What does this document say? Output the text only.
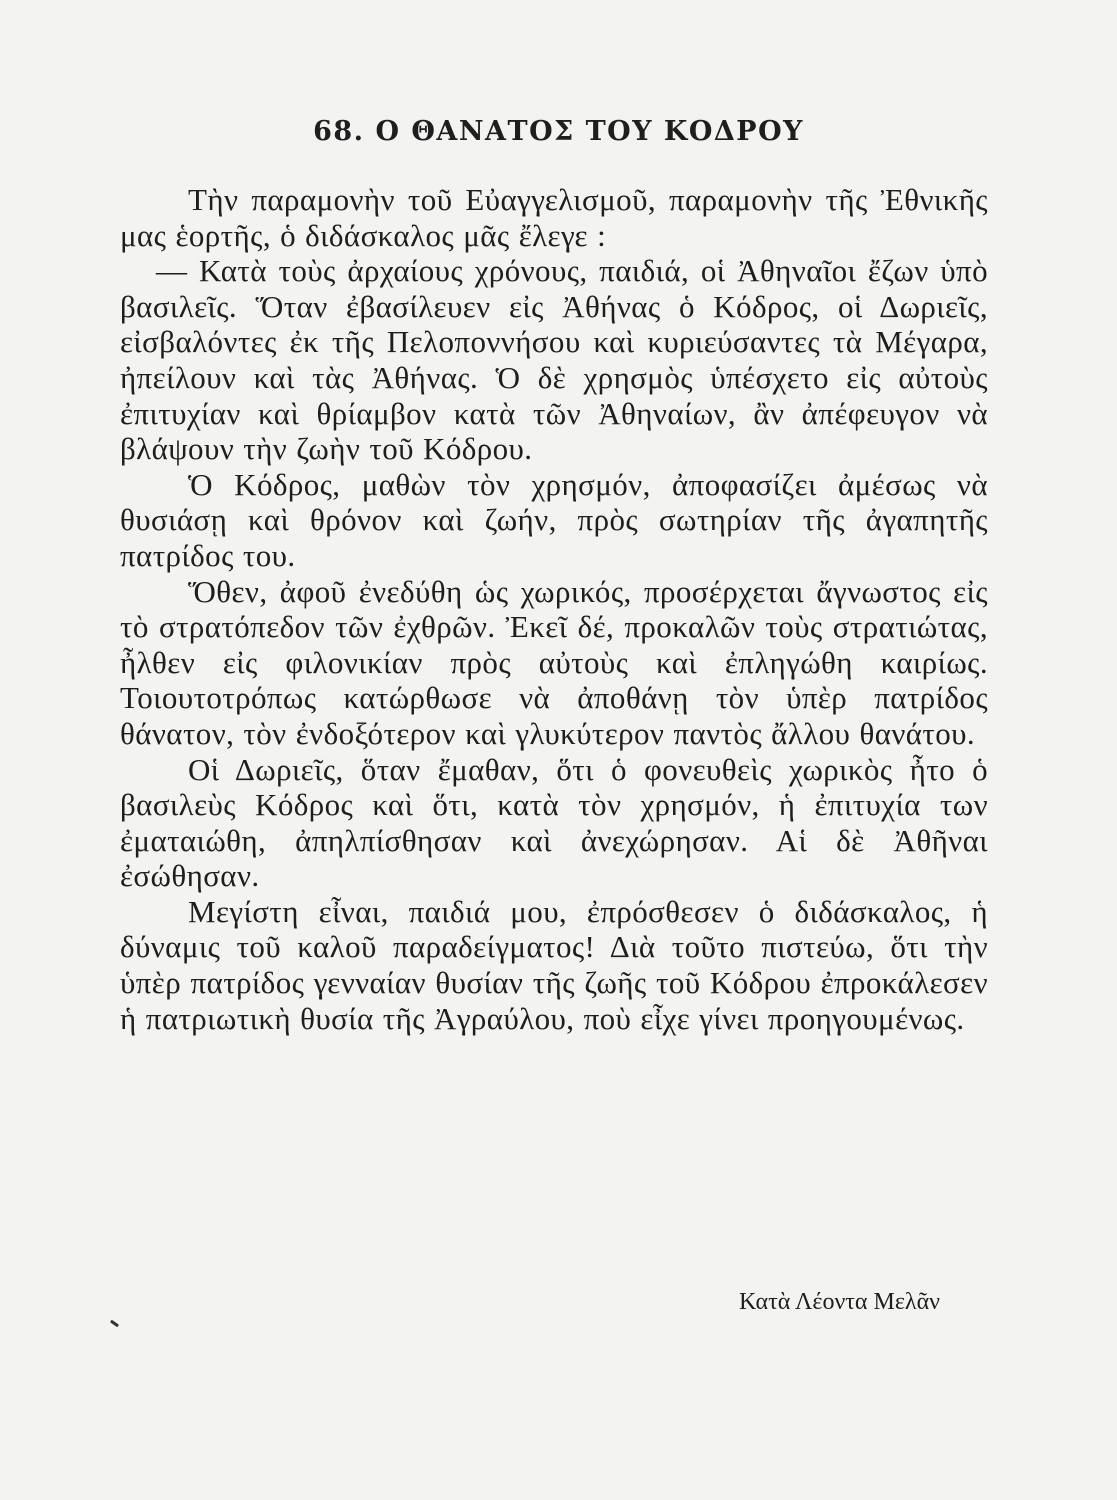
68. Ο ΘΑΝΑΤΟΣ ΤΟΥ ΚΟΔΡΟΥ

Τὴν παραμονὴν τοῦ Εὐαγγελισμοῦ, παραμονὴν τῆς Ἐθνικῆς μας ἑορτῆς, ὁ διδάσκαλος μᾶς ἔλεγε :

— Κατὰ τοὺς ἀρχαίους χρόνους, παιδιά, οἱ Ἀθηναῖοι ἔζων ὑπὸ βασιλεῖς. Ὅταν ἐβασίλευεν εἰς Ἀθήνας ὁ Κόδρος, οἱ Δωριεῖς, εἰσβαλόντες ἐκ τῆς Πελοποννήσου καὶ κυριεύσαντες τὰ Μέγαρα, ἠπείλουν καὶ τὰς Ἀθήνας. Ὁ δὲ χρησμὸς ὑπέσχετο εἰς αὐτοὺς ἐπιτυχίαν καὶ θρίαμβον κατὰ τῶν Ἀθηναίων, ἂν ἀπέφευγον νὰ βλάψουν τὴν ζωὴν τοῦ Κόδρου.

Ὁ Κόδρος, μαθὼν τὸν χρησμόν, ἀποφασίζει ἀμέσως νὰ θυσιάσῃ καὶ θρόνον καὶ ζωήν, πρὸς σωτηρίαν τῆς ἀγαπητῆς πατρίδος του.

Ὅθεν, ἀφοῦ ἐνεδύθη ὡς χωρικός, προσέρχεται ἄγνωστος εἰς τὸ στρατόπεδον τῶν ἐχθρῶν. Ἐκεῖ δέ, προκαλῶν τοὺς στρατιώτας, ἦλθεν εἰς φιλονικίαν πρὸς αὐτοὺς καὶ ἐπληγώθη καιρίως. Τοιουτοτρόπως κατώρθωσε νὰ ἀποθάνῃ τὸν ὑπὲρ πατρίδος θάνατον, τὸν ἐνδοξότερον καὶ γλυκύτερον παντὸς ἄλλου θανάτου.

Οἱ Δωριεῖς, ὅταν ἔμαθαν, ὅτι ὁ φονευθεὶς χωρικὸς ἦτο ὁ βασιλεὺς Κόδρος καὶ ὅτι, κατὰ τὸν χρησμόν, ἡ ἐπιτυχία των ἐματαιώθη, ἀπηλπίσθησαν καὶ ἀνεχώρησαν. Αἱ δὲ Ἀθῆναι ἐσώθησαν.

Μεγίστη εἶναι, παιδιά μου, ἐπρόσθεσεν ὁ διδάσκαλος, ἡ δύναμις τοῦ καλοῦ παραδείγματος! Διὰ τοῦτο πιστεύω, ὅτι τὴν ὑπὲρ πατρίδος γενναίαν θυσίαν τῆς ζωῆς τοῦ Κόδρου ἐπροκάλεσεν ἡ πατριωτικὴ θυσία τῆς Ἀγραύλου, ποὺ εἶχε γίνει προηγουμένως.

Κατὰ Λέοντα Μελᾶν
